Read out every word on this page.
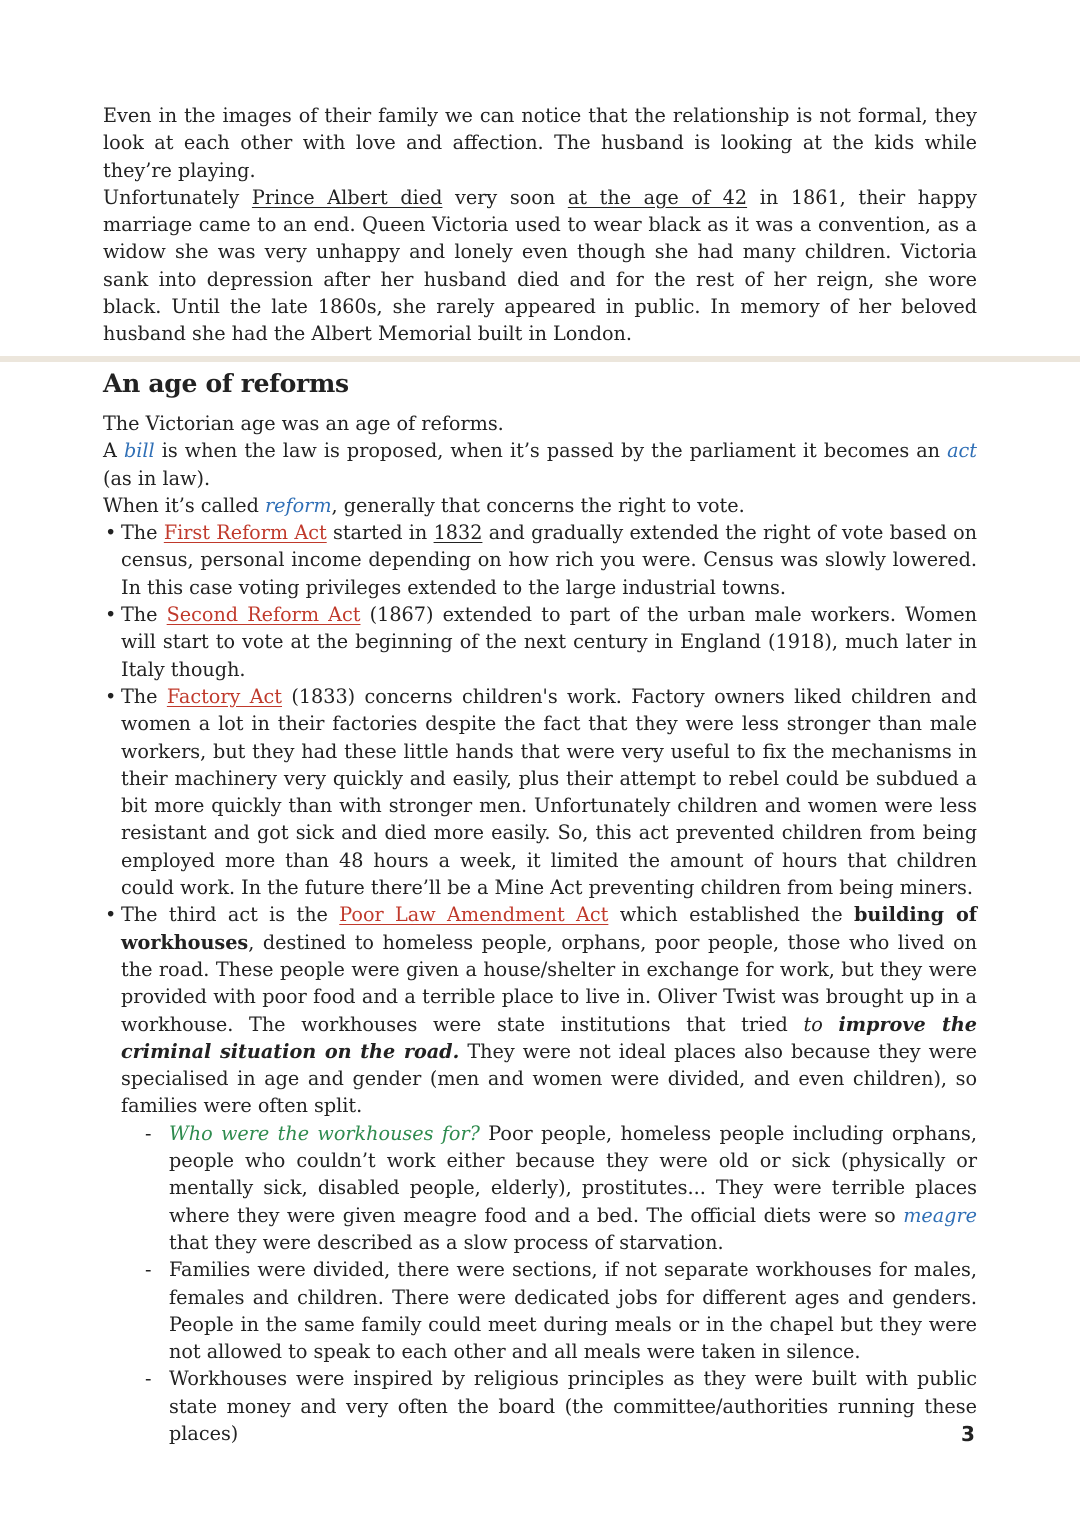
Even in the images of their family we can notice that the relationship is not formal, they look at each other with love and affection. The husband is looking at the kids while they’re playing.

Unfortunately Prince Albert died very soon at the age of 42 in 1861, their happy marriage came to an end. Queen Victoria used to wear black as it was a convention, as a widow she was very unhappy and lonely even though she had many children. Victoria sank into depression after her husband died and for the rest of her reign, she wore black. Until the late 1860s, she rarely appeared in public. In memory of her beloved husband she had the Albert Memorial built in London.

An age of reforms

The Victorian age was an age of reforms.

A bill is when the law is proposed, when it’s passed by the parliament it becomes an act (as in law).

When it’s called reform, generally that concerns the right to vote.

• The First Reform Act started in 1832 and gradually extended the right of vote based on census, personal income depending on how rich you were. Census was slowly lowered. In this case voting privileges extended to the large industrial towns.
• The Second Reform Act (1867) extended to part of the urban male workers. Women will start to vote at the beginning of the next century in England (1918), much later in Italy though.
• The Factory Act (1833) concerns children's work. Factory owners liked children and women a lot in their factories despite the fact that they were less stronger than male workers, but they had these little hands that were very useful to fix the mechanisms in their machinery very quickly and easily, plus their attempt to rebel could be subdued a bit more quickly than with stronger men. Unfortunately children and women were less resistant and got sick and died more easily. So, this act prevented children from being employed more than 48 hours a week, it limited the amount of hours that children could work. In the future there’ll be a Mine Act preventing children from being miners.
• The third act is the Poor Law Amendment Act which established the building of workhouses, destined to homeless people, orphans, poor people, those who lived on the road. These people were given a house/shelter in exchange for work, but they were provided with poor food and a terrible place to live in. Oliver Twist was brought up in a workhouse. The workhouses were state institutions that tried to improve the criminal situation on the road. They were not ideal places also because they were specialised in age and gender (men and women were divided, and even children), so families were often split.
- Who were the workhouses for? Poor people, homeless people including orphans, people who couldn’t work either because they were old or sick (physically or mentally sick, disabled people, elderly), prostitutes... They were terrible places where they were given meagre food and a bed. The official diets were so meagre that they were described as a slow process of starvation.
- Families were divided, there were sections, if not separate workhouses for males, females and children. There were dedicated jobs for different ages and genders. People in the same family could meet during meals or in the chapel but they were not allowed to speak to each other and all meals were taken in silence.
- Workhouses were inspired by religious principles as they were built with public state money and very often the board (the committee/authorities running these places)	3
